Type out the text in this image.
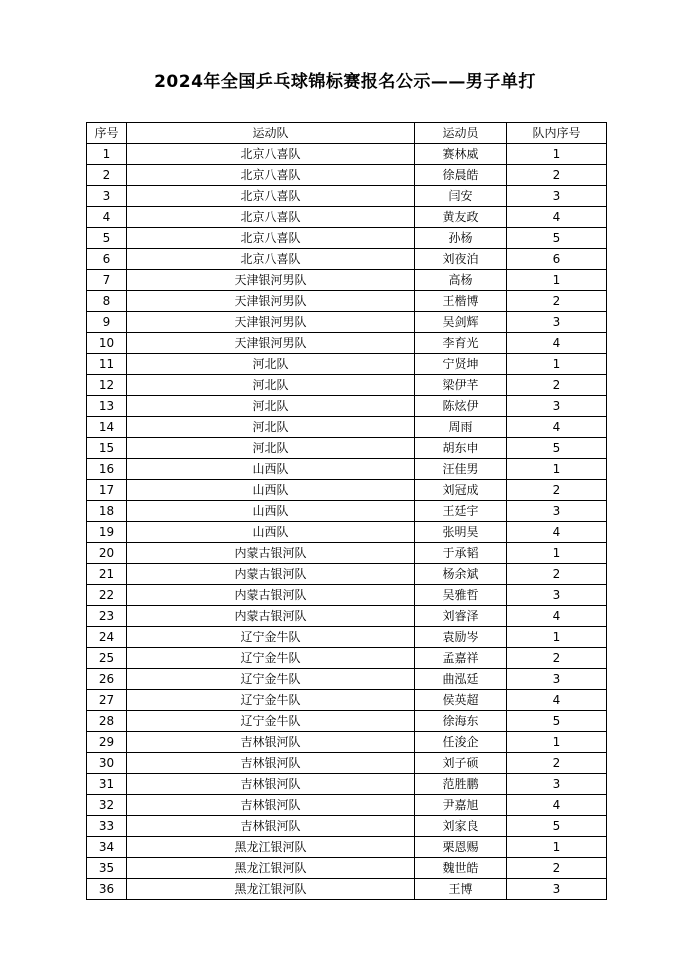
2024年全国乒乓球锦标赛报名公示——男子单打
序号	运动队	运动员	队内序号
1	北京八喜队	赛林威	1
2	北京八喜队	徐晨皓	2
3	北京八喜队	闫安	3
4	北京八喜队	黄友政	4
5	北京八喜队	孙杨	5
6	北京八喜队	刘夜泊	6
7	天津银河男队	高杨	1
8	天津银河男队	王楷博	2
9	天津银河男队	吴剑辉	3
10	天津银河男队	李育光	4
11	河北队	宁贤坤	1
12	河北队	梁伊芊	2
13	河北队	陈炫伊	3
14	河北队	周雨	4
15	河北队	胡东申	5
16	山西队	汪佳男	1
17	山西队	刘冠成	2
18	山西队	王廷宇	3
19	山西队	张明昊	4
20	内蒙古银河队	于承韬	1
21	内蒙古银河队	杨余斌	2
22	内蒙古银河队	吴雅哲	3
23	内蒙古银河队	刘睿泽	4
24	辽宁金牛队	袁励岑	1
25	辽宁金牛队	孟嘉祥	2
26	辽宁金牛队	曲泓廷	3
27	辽宁金牛队	侯英超	4
28	辽宁金牛队	徐海东	5
29	吉林银河队	任浚企	1
30	吉林银河队	刘子硕	2
31	吉林银河队	范胜鹏	3
32	吉林银河队	尹嘉旭	4
33	吉林银河队	刘家良	5
34	黑龙江银河队	栗恩赐	1
35	黑龙江银河队	魏世皓	2
36	黑龙江银河队	王博	3
